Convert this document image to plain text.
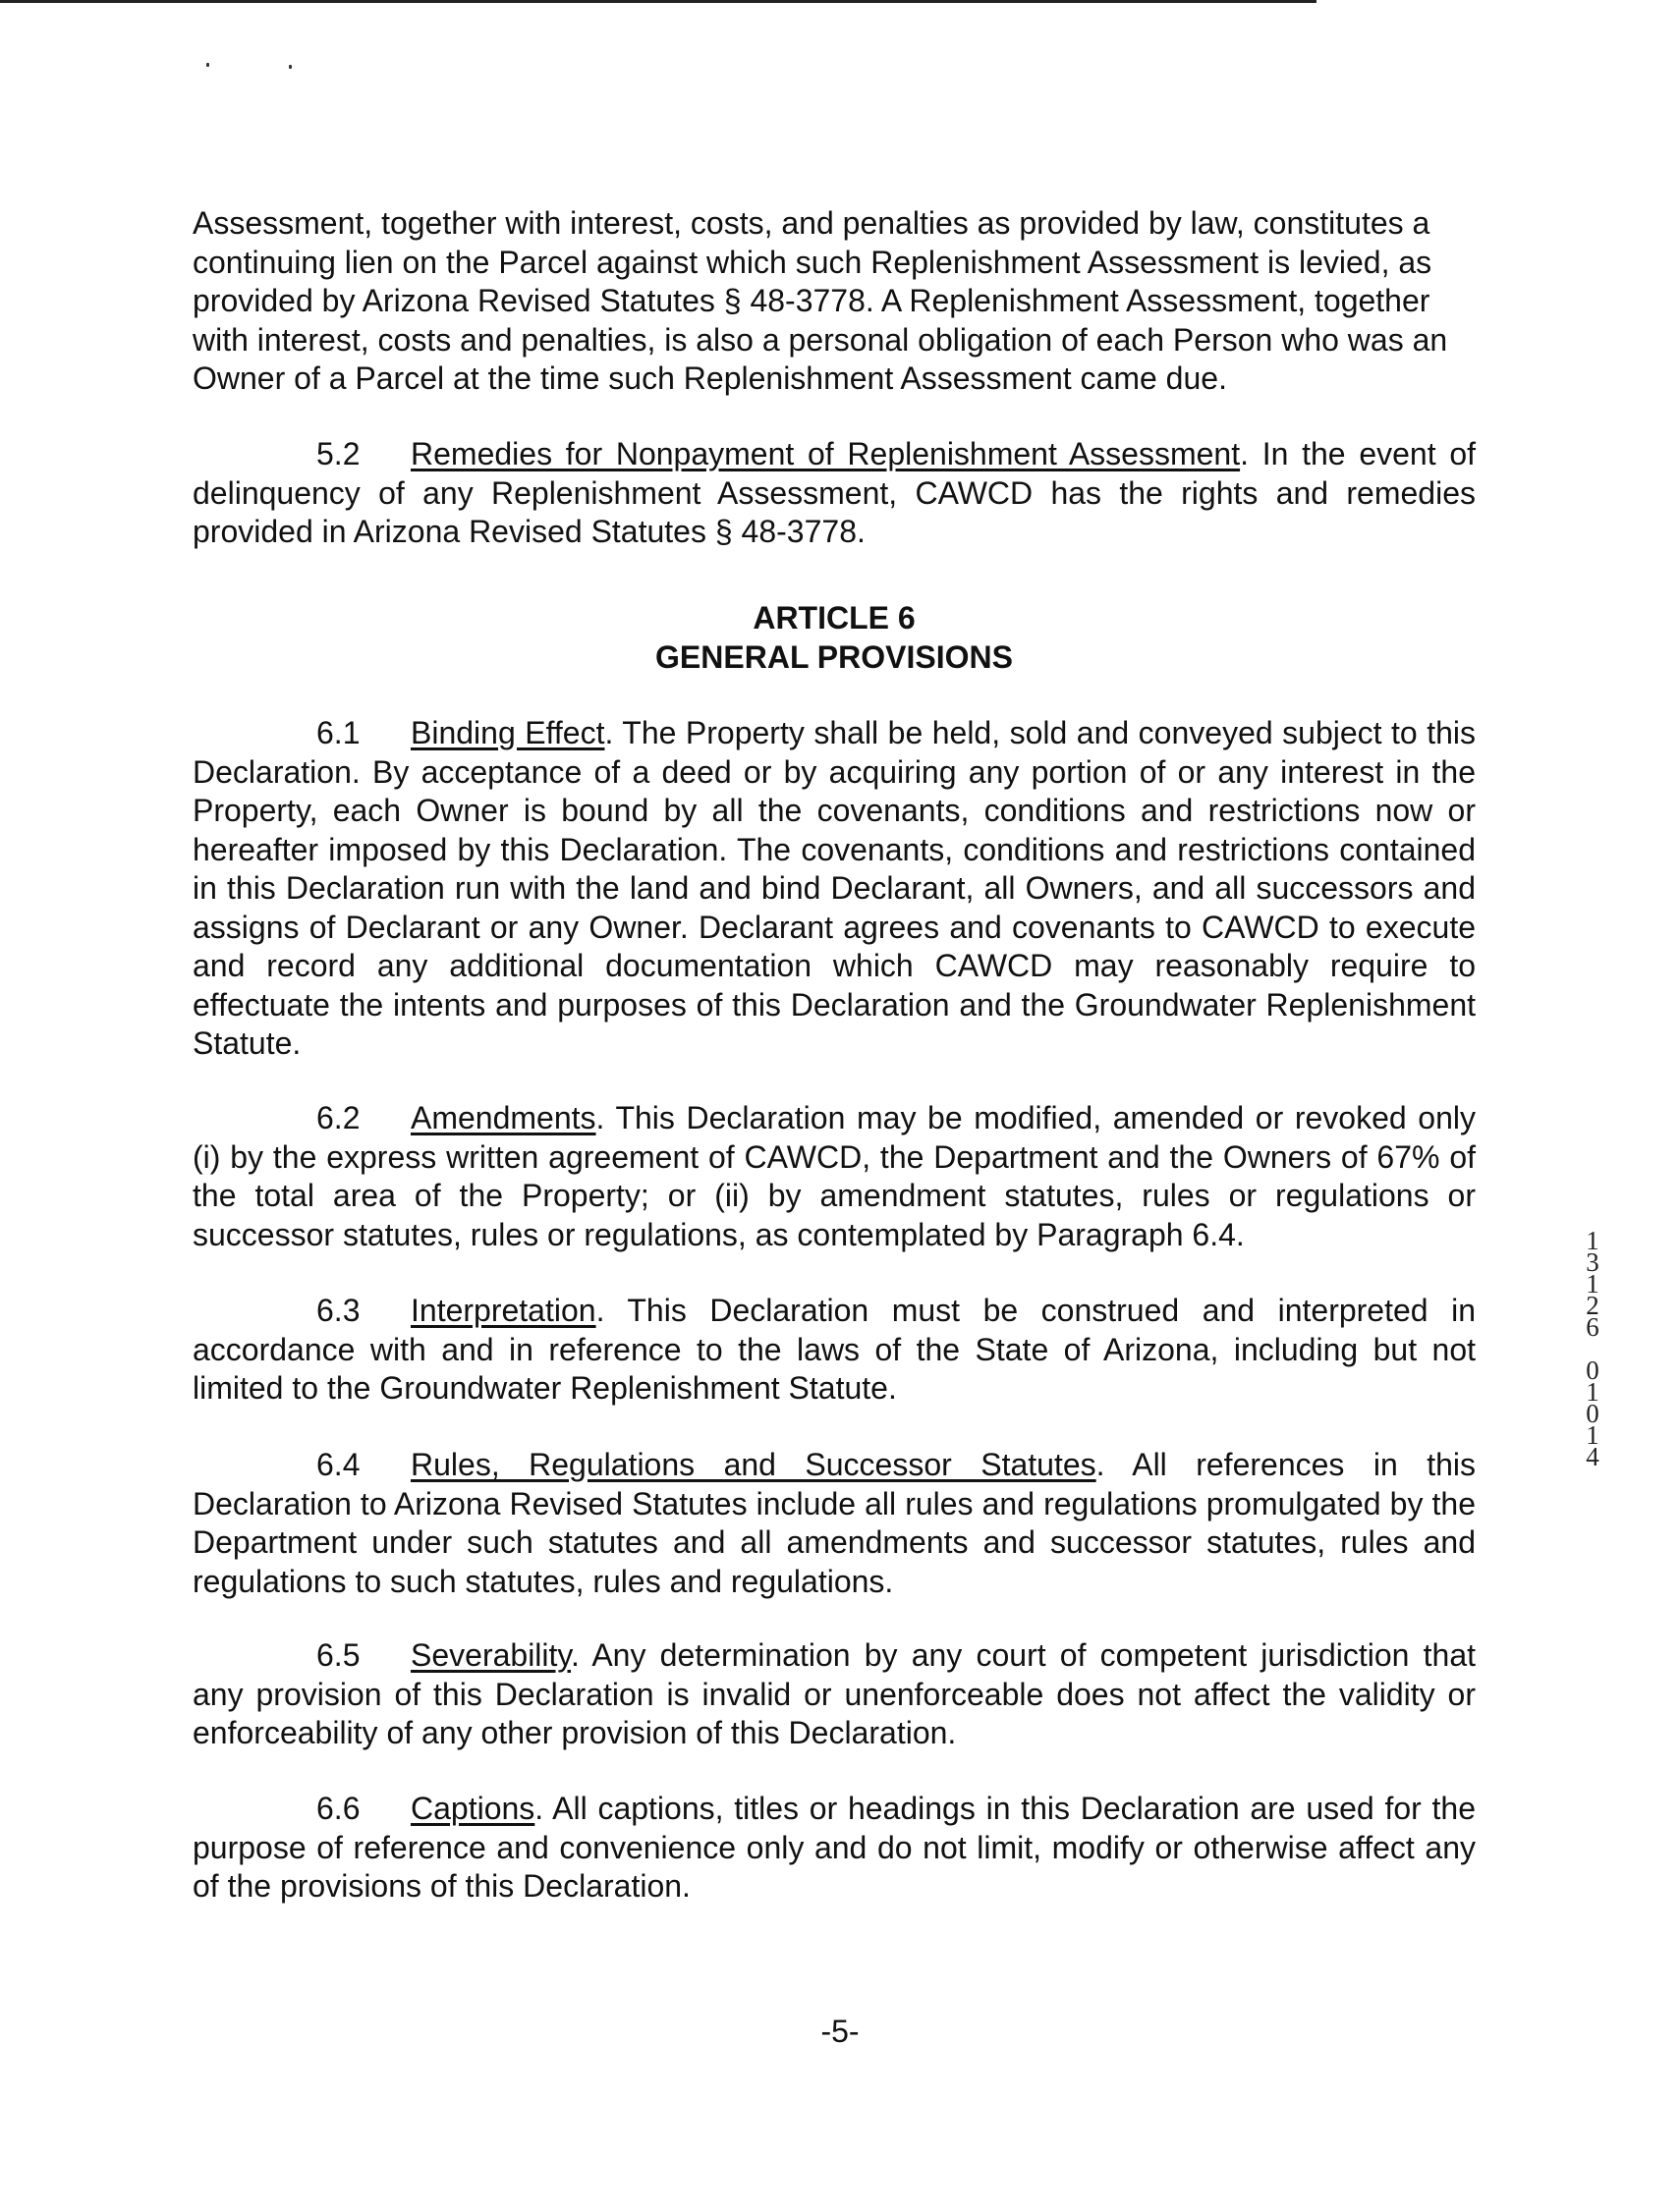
Assessment, together with interest, costs, and penalties as provided by law, constitutes a
continuing lien on the Parcel against which such Replenishment Assessment is levied, as
provided by Arizona Revised Statutes § 48-3778. A Replenishment Assessment, together
with interest, costs and penalties, is also a personal obligation of each Person who was an
Owner of a Parcel at the time such Replenishment Assessment came due.

5.2 Remedies for Nonpayment of Replenishment Assessment. In the event of delinquency of any Replenishment Assessment, CAWCD has the rights and remedies provided in Arizona Revised Statutes § 48-3778.

ARTICLE 6
GENERAL PROVISIONS

6.1 Binding Effect. The Property shall be held, sold and conveyed subject to this Declaration. By acceptance of a deed or by acquiring any portion of or any interest in the Property, each Owner is bound by all the covenants, conditions and restrictions now or hereafter imposed by this Declaration. The covenants, conditions and restrictions contained in this Declaration run with the land and bind Declarant, all Owners, and all successors and assigns of Declarant or any Owner. Declarant agrees and covenants to CAWCD to execute and record any additional documentation which CAWCD may reasonably require to effectuate the intents and purposes of this Declaration and the Groundwater Replenishment Statute.

6.2 Amendments. This Declaration may be modified, amended or revoked only (i) by the express written agreement of CAWCD, the Department and the Owners of 67% of the total area of the Property; or (ii) by amendment statutes, rules or regulations or successor statutes, rules or regulations, as contemplated by Paragraph 6.4.

6.3 Interpretation. This Declaration must be construed and interpreted in accordance with and in reference to the laws of the State of Arizona, including but not limited to the Groundwater Replenishment Statute.

6.4 Rules, Regulations and Successor Statutes. All references in this Declaration to Arizona Revised Statutes include all rules and regulations promulgated by the Department under such statutes and all amendments and successor statutes, rules and regulations to such statutes, rules and regulations.

6.5 Severability. Any determination by any court of competent jurisdiction that any provision of this Declaration is invalid or unenforceable does not affect the validity or enforceability of any other provision of this Declaration.

6.6 Captions. All captions, titles or headings in this Declaration are used for the purpose of reference and convenience only and do not limit, modify or otherwise affect any of the provisions of this Declaration.

-5-
1
3
1
2
6

0
1
0
1
4
